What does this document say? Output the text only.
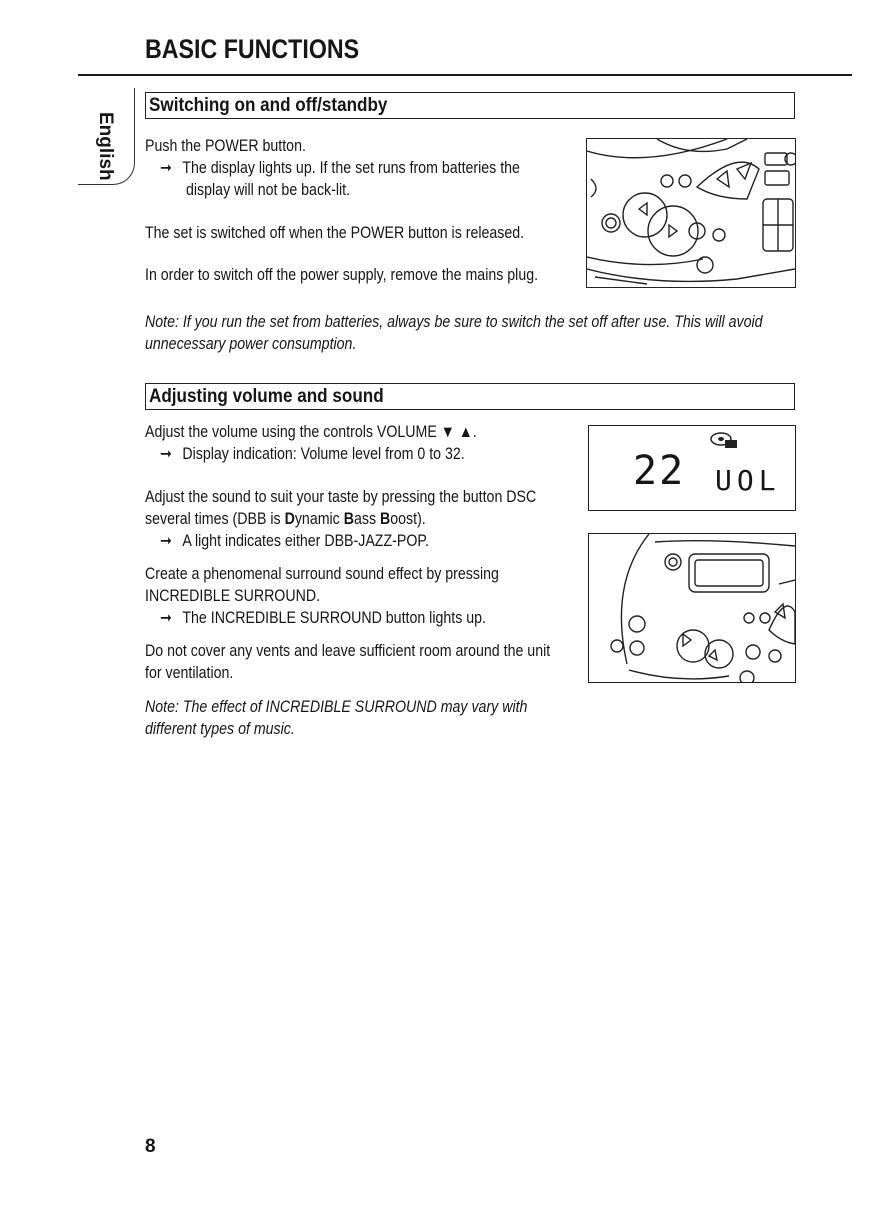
BASIC FUNCTIONS
English
Switching on and off/standby
Push the POWER button.
➞ The display lights up. If the set runs from batteries the
display will not be back-lit.
The set is switched off when the POWER button is released.
In order to switch off the power supply, remove the mains plug.
Note: If you run the set from batteries, always be sure to switch the set off after use. This will avoid
unnecessary power consumption.
Adjusting volume and sound
Adjust the volume using the controls VOLUME ▼ ▲.
➞ Display indication: Volume level from 0 to 32.
Adjust the sound to suit your taste by pressing the button DSC
several times (DBB is Dynamic Bass Boost).
➞ A light indicates either DBB-JAZZ-POP.
Create a phenomenal surround sound effect by pressing
INCREDIBLE SURROUND.
➞ The INCREDIBLE SURROUND button lights up.
Do not cover any vents and leave sufficient room around the unit
for ventilation.
Note: The effect of INCREDIBLE SURROUND may vary with
different types of music.
22 UOL
8
